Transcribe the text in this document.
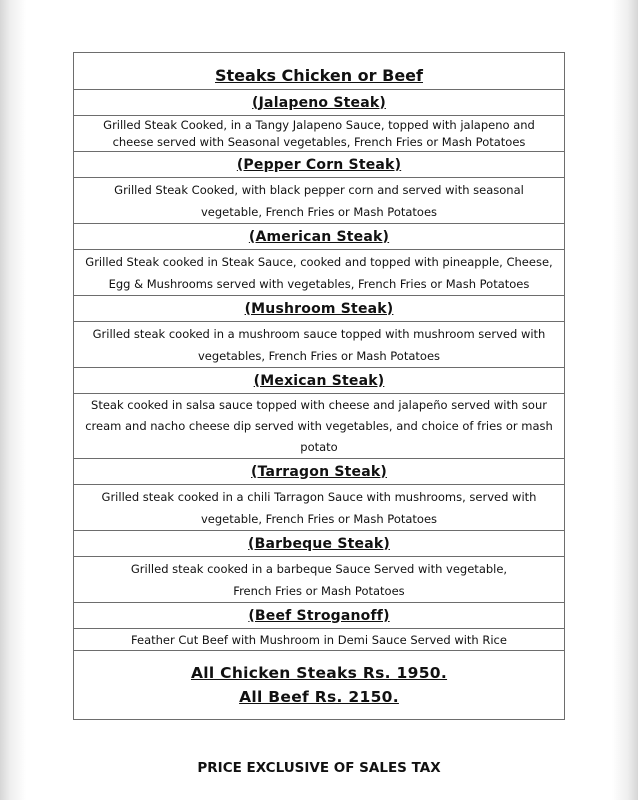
Steaks Chicken or Beef
(Jalapeno Steak)
Grilled Steak Cooked, in a Tangy Jalapeno Sauce, topped with jalapeno and
cheese served with Seasonal vegetables, French Fries or Mash Potatoes
(Pepper Corn Steak)
Grilled Steak Cooked, with black pepper corn and served with seasonal
vegetable, French Fries or Mash Potatoes
(American Steak)
Grilled Steak cooked in Steak Sauce, cooked and topped with pineapple, Cheese,
Egg & Mushrooms served with vegetables, French Fries or Mash Potatoes
(Mushroom Steak)
Grilled steak cooked in a mushroom sauce topped with mushroom served with
vegetables, French Fries or Mash Potatoes
(Mexican Steak)
Steak cooked in salsa sauce topped with cheese and jalapeño served with sour
cream and nacho cheese dip served with vegetables, and choice of fries or mash
potato
(Tarragon Steak)
Grilled steak cooked in a chili Tarragon Sauce with mushrooms, served with
vegetable, French Fries or Mash Potatoes
(Barbeque Steak)
Grilled steak cooked in a barbeque Sauce Served with vegetable,
French Fries or Mash Potatoes
(Beef Stroganoff)
Feather Cut Beef with Mushroom in Demi Sauce Served with Rice
All Chicken Steaks Rs. 1950.
All Beef Rs. 2150.
PRICE EXCLUSIVE OF SALES TAX
